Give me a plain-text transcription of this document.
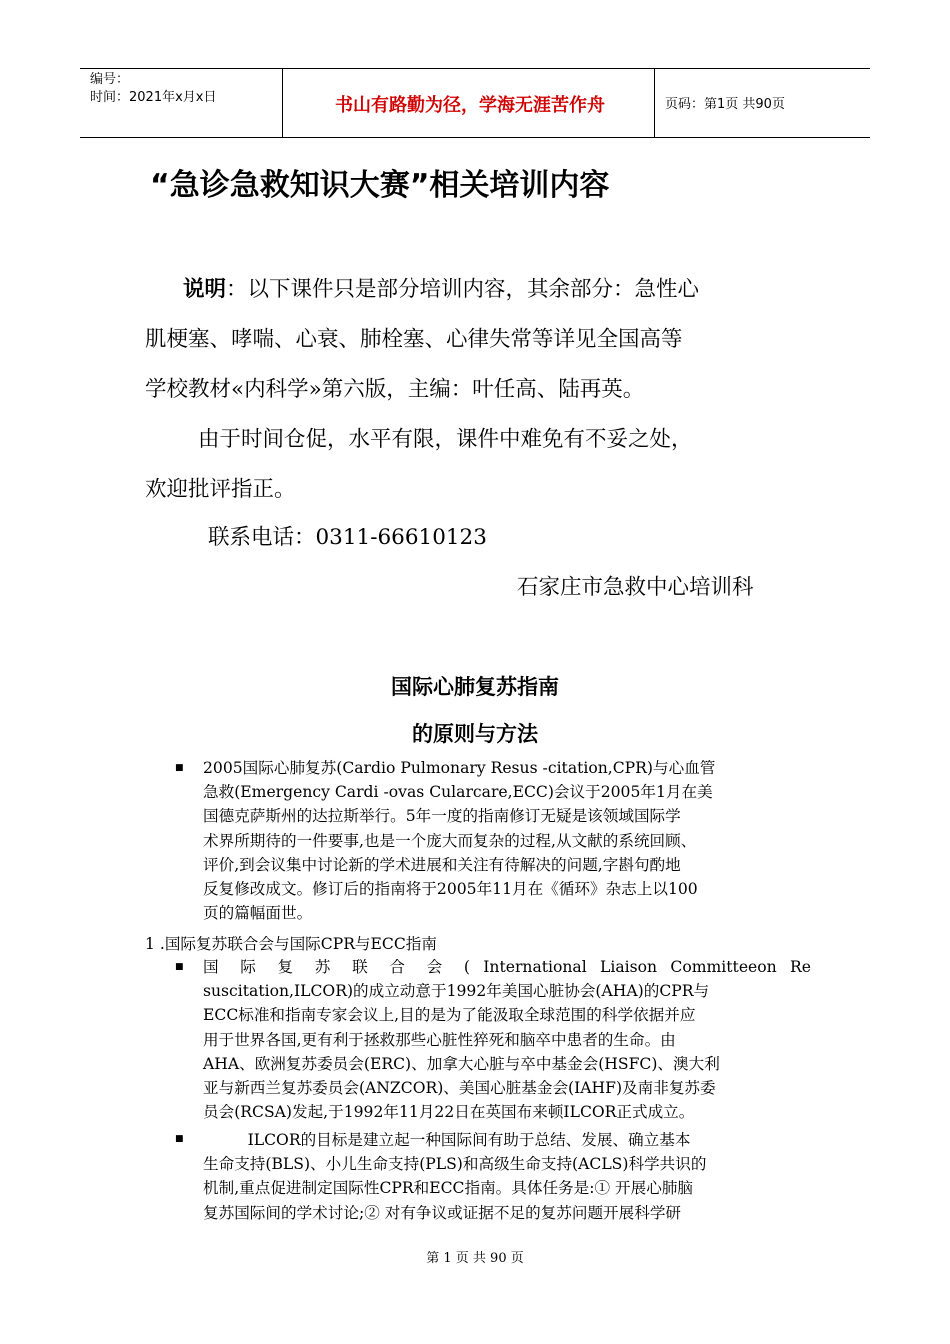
编号：
时间：2021年x月x日	书山有路勤为径，学海无涯苦作舟	页码：第1页 共90页
“急诊急救知识大赛”相关培训内容
说明：以下课件只是部分培训内容，其余部分：急性心
肌梗塞、哮喘、心衰、肺栓塞、心律失常等详见全国高等
学校教材«内科学»第六版，主编：叶任高、陆再英。
由于时间仓促，水平有限，课件中难免有不妥之处，
欢迎批评指正。
联系电话：0311-66610123
石家庄市急救中心培训科
国际心肺复苏指南
的原则与方法
■ 2005国际心肺复苏(Cardio Pulmonary Resus -citation,CPR)与心血管
急救(Emergency Cardi -ovas Cularcare,ECC)会议于2005年1月在美
国德克萨斯州的达拉斯举行。5年一度的指南修订无疑是该领域国际学
术界所期待的一件要事,也是一个庞大而复杂的过程,从文献的系统回顾、
评价,到会议集中讨论新的学术进展和关注有待解决的问题,字斟句酌地
反复修改成文。修订后的指南将于2005年11月在《循环》杂志上以100
页的篇幅面世。
1 .国际复苏联合会与国际CPR与ECC指南
■ 国 际 复 苏 联 合 会 ( International Liaison Committeeon Re
suscitation,ILCOR)的成立动意于1992年美国心脏协会(AHA)的CPR与
ECC标准和指南专家会议上,目的是为了能汲取全球范围的科学依据并应
用于世界各国,更有利于拯救那些心脏性猝死和脑卒中患者的生命。由
AHA、欧洲复苏委员会(ERC)、加拿大心脏与卒中基金会(HSFC)、澳大利
亚与新西兰复苏委员会(ANZCOR)、美国心脏基金会(IAHF)及南非复苏委
员会(RCSA)发起,于1992年11月22日在英国布来顿ILCOR正式成立。
■ ILCOR的目标是建立起一种国际间有助于总结、发展、确立基本
生命支持(BLS)、小儿生命支持(PLS)和高级生命支持(ACLS)科学共识的
机制,重点促进制定国际性CPR和ECC指南。具体任务是:① 开展心肺脑
复苏国际间的学术讨论;② 对有争议或证据不足的复苏问题开展科学研
第 1 页 共 90 页
